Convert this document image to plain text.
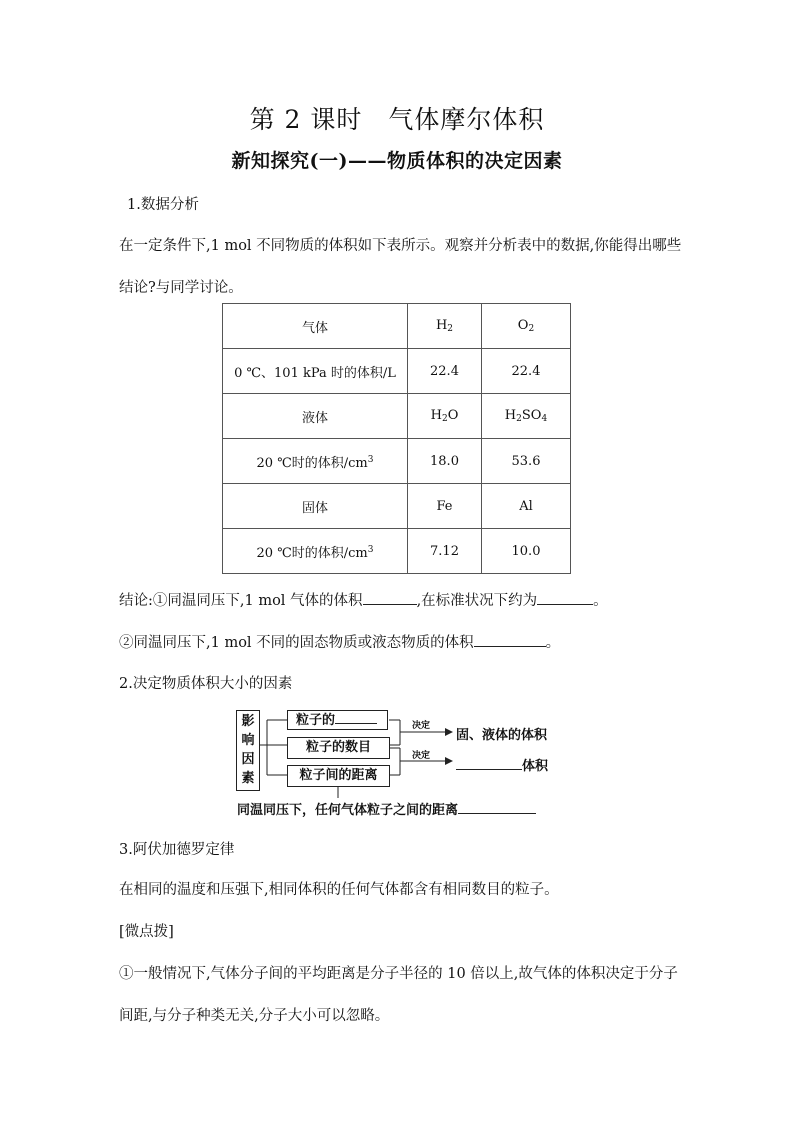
第 2 课时　气体摩尔体积
新知探究(一)——物质体积的决定因素
1.数据分析
在一定条件下,1 mol 不同物质的体积如下表所示。观察并分析表中的数据,你能得出哪些
结论?与同学讨论。
气体	$H_2$	$O_2$
0 ℃、101 kPa 时的体积/L	22.4	22.4
液体	$H_2O$	$H_2SO_4$
20 ℃时的体积$/cm^3$	18.0	53.6
固体	Fe	Al
20 ℃时的体积$/cm^3$	7.12	10.0
结论:①同温同压下,1 mol 气体的体积	,在标准状况下约为	。
②同温同压下,1 mol 不同的固态物质或液态物质的体积	。
2.决定物质体积大小的因素
影响因素
粒子的
粒子的数目
粒子间的距离
决定
决定
固、液体的体积
体积
同温同压下，任何气体粒子之间的距离
3.阿伏加德罗定律
在相同的温度和压强下,相同体积的任何气体都含有相同数目的粒子。
[微点拨]
①一般情况下,气体分子间的平均距离是分子半径的 10 倍以上,故气体的体积决定于分子
间距,与分子种类无关,分子大小可以忽略。
